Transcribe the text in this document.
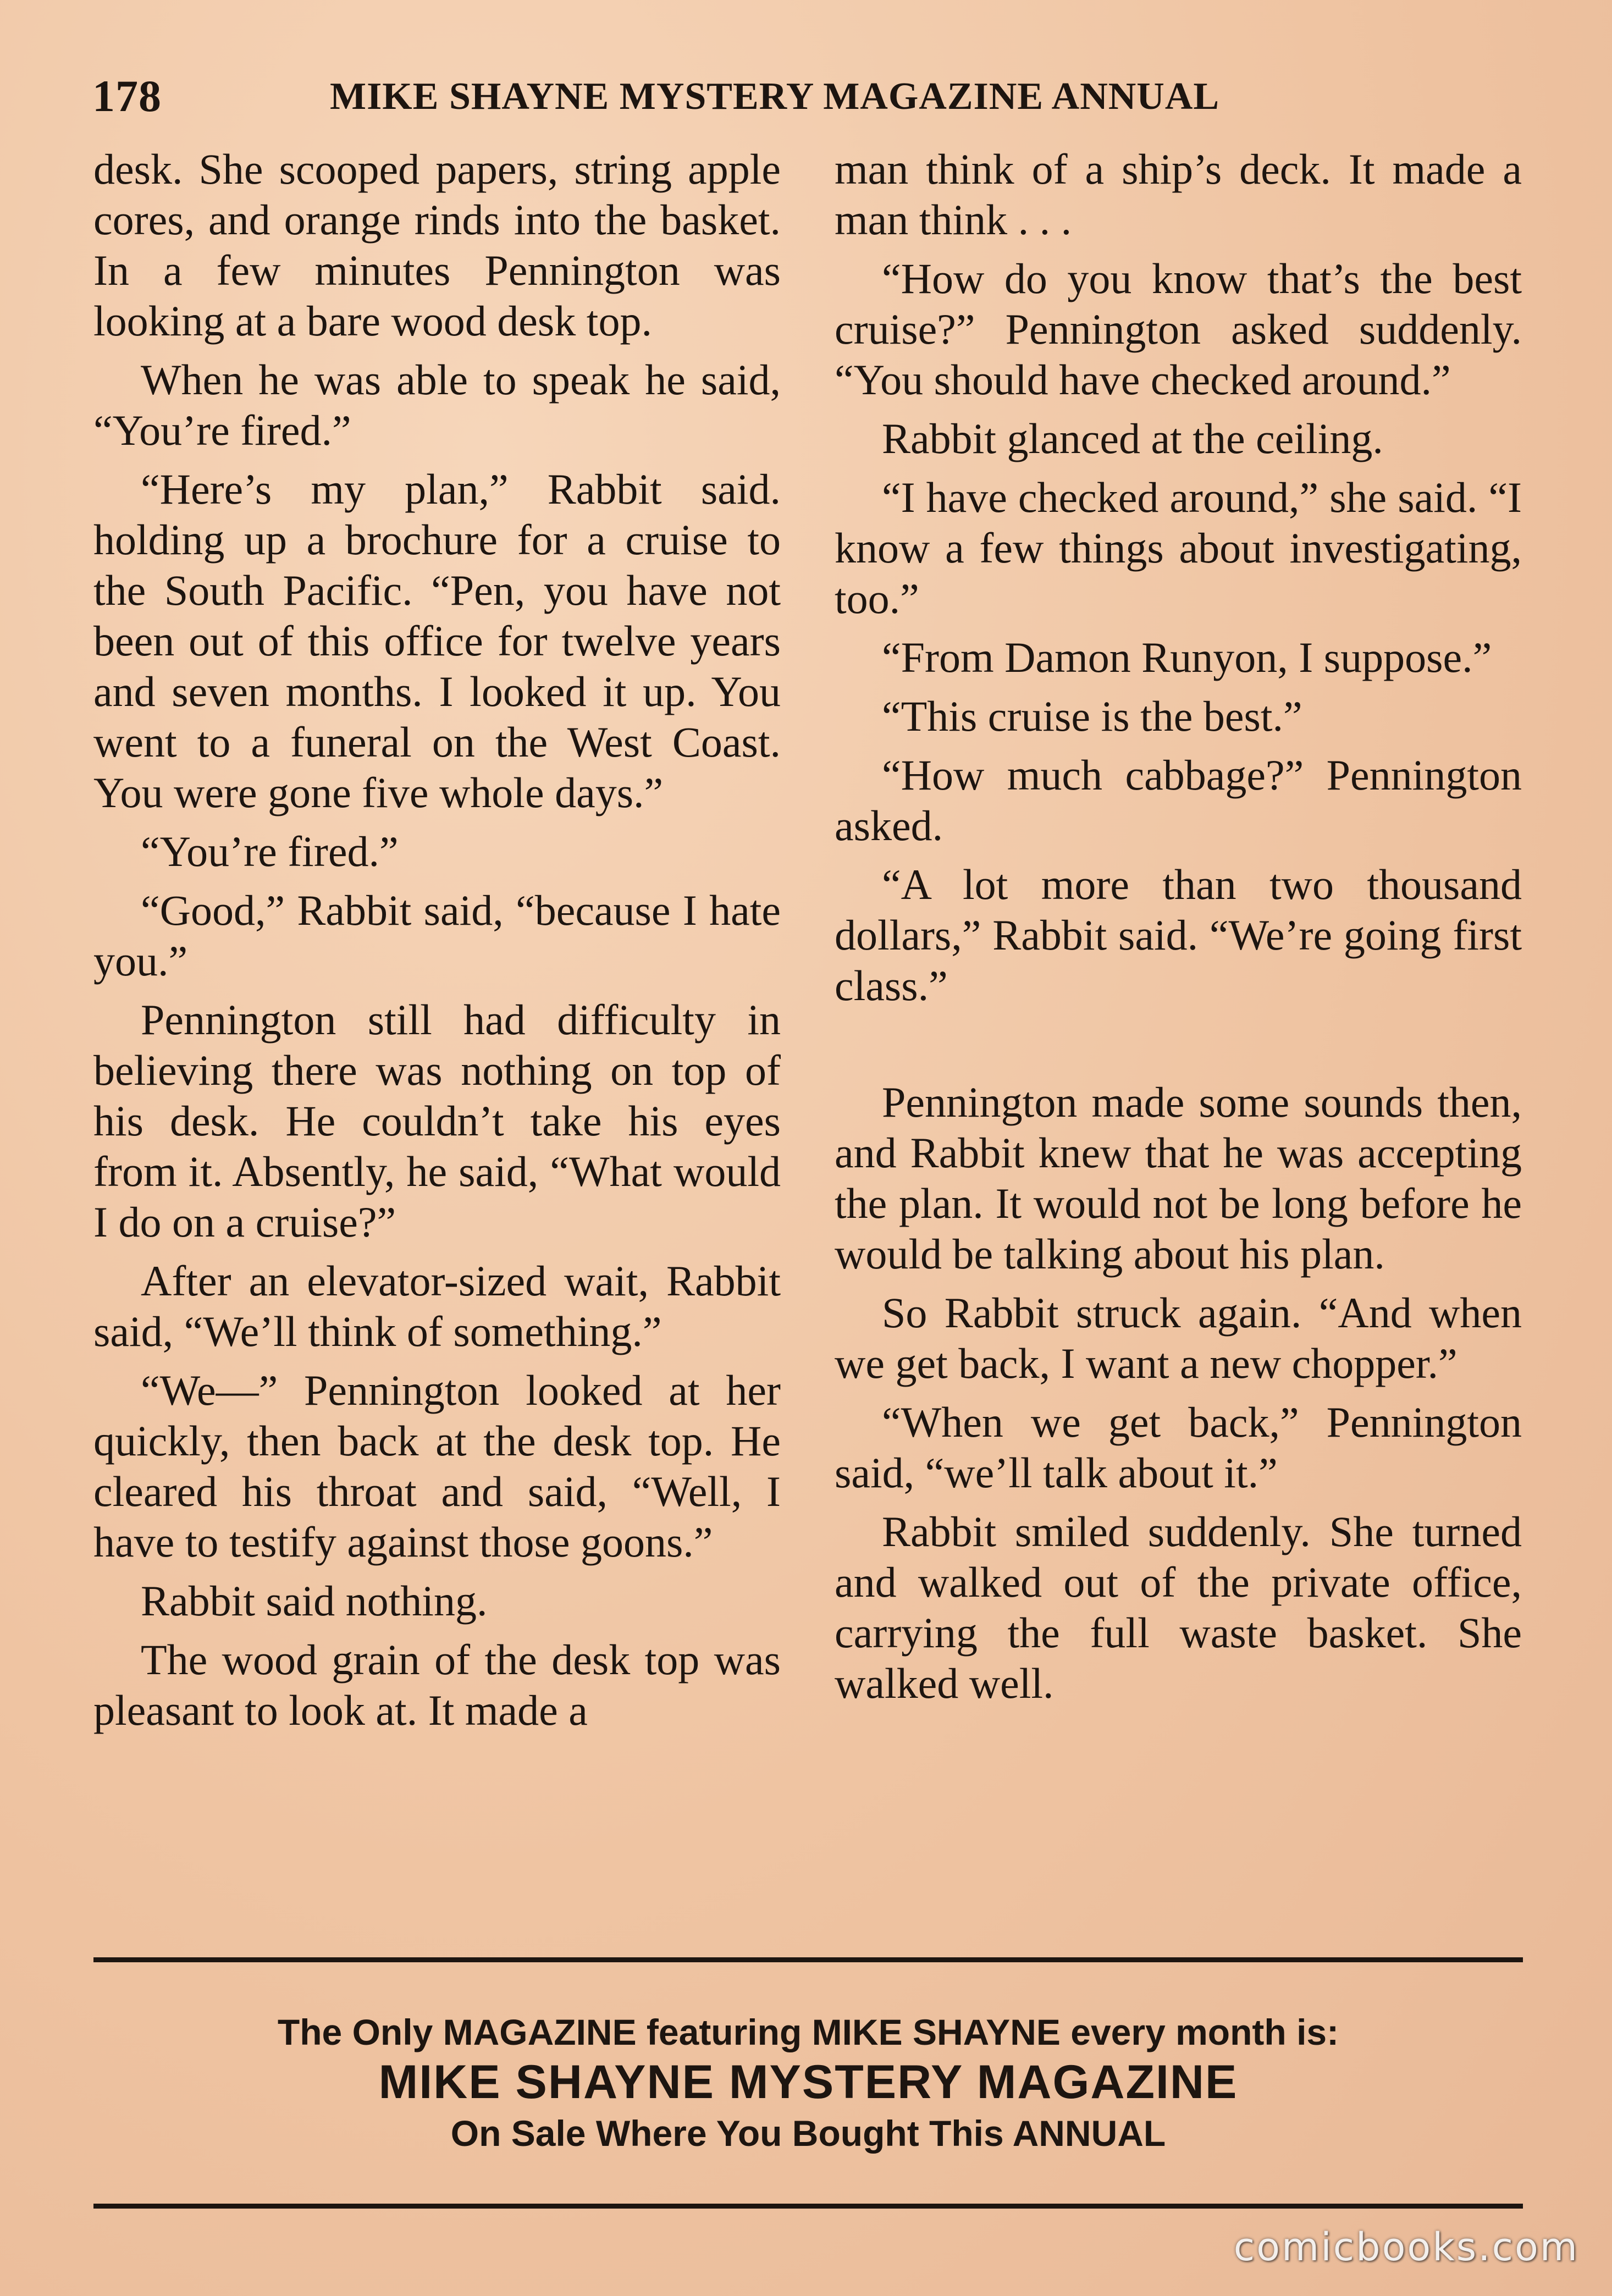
178	MIKE SHAYNE MYSTERY MAGAZINE ANNUAL

desk. She scooped papers, string apple cores, and orange rinds into the basket. In a few minutes Pennington was looking at a bare wood desk top.

When he was able to speak he said, “You’re fired.”

“Here’s my plan,” Rabbit said. holding up a brochure for a cruise to the South Pacific. “Pen, you have not been out of this office for twelve years and seven months. I looked it up. You went to a funeral on the West Coast. You were gone five whole days.”

“You’re fired.”

“Good,” Rabbit said, “because I hate you.”

Pennington still had difficulty in believing there was nothing on top of his desk. He couldn’t take his eyes from it. Absently, he said, “What would I do on a cruise?”

After an elevator-sized wait, Rabbit said, “We’ll think of something.”

“We—” Pennington looked at her quickly, then back at the desk top. He cleared his throat and said, “Well, I have to testify against those goons.”

Rabbit said nothing.

The wood grain of the desk top was pleasant to look at. It made a

man think of a ship’s deck. It made a man think . . .

“How do you know that’s the best cruise?” Pennington asked suddenly. “You should have checked around.”

Rabbit glanced at the ceiling.

“I have checked around,” she said. “I know a few things about investigating, too.”

“From Damon Runyon, I suppose.”

“This cruise is the best.”

“How much cabbage?” Pennington asked.

“A lot more than two thousand dollars,” Rabbit said. “We’re going first class.”

Pennington made some sounds then, and Rabbit knew that he was accepting the plan. It would not be long before he would be talking about his plan.

So Rabbit struck again. “And when we get back, I want a new chopper.”

“When we get back,” Pennington said, “we’ll talk about it.”

Rabbit smiled suddenly. She turned and walked out of the private office, carrying the full waste basket. She walked well.

The Only MAGAZINE featuring MIKE SHAYNE every month is:
MIKE SHAYNE MYSTERY MAGAZINE
On Sale Where You Bought This ANNUAL
comicbooks.com
